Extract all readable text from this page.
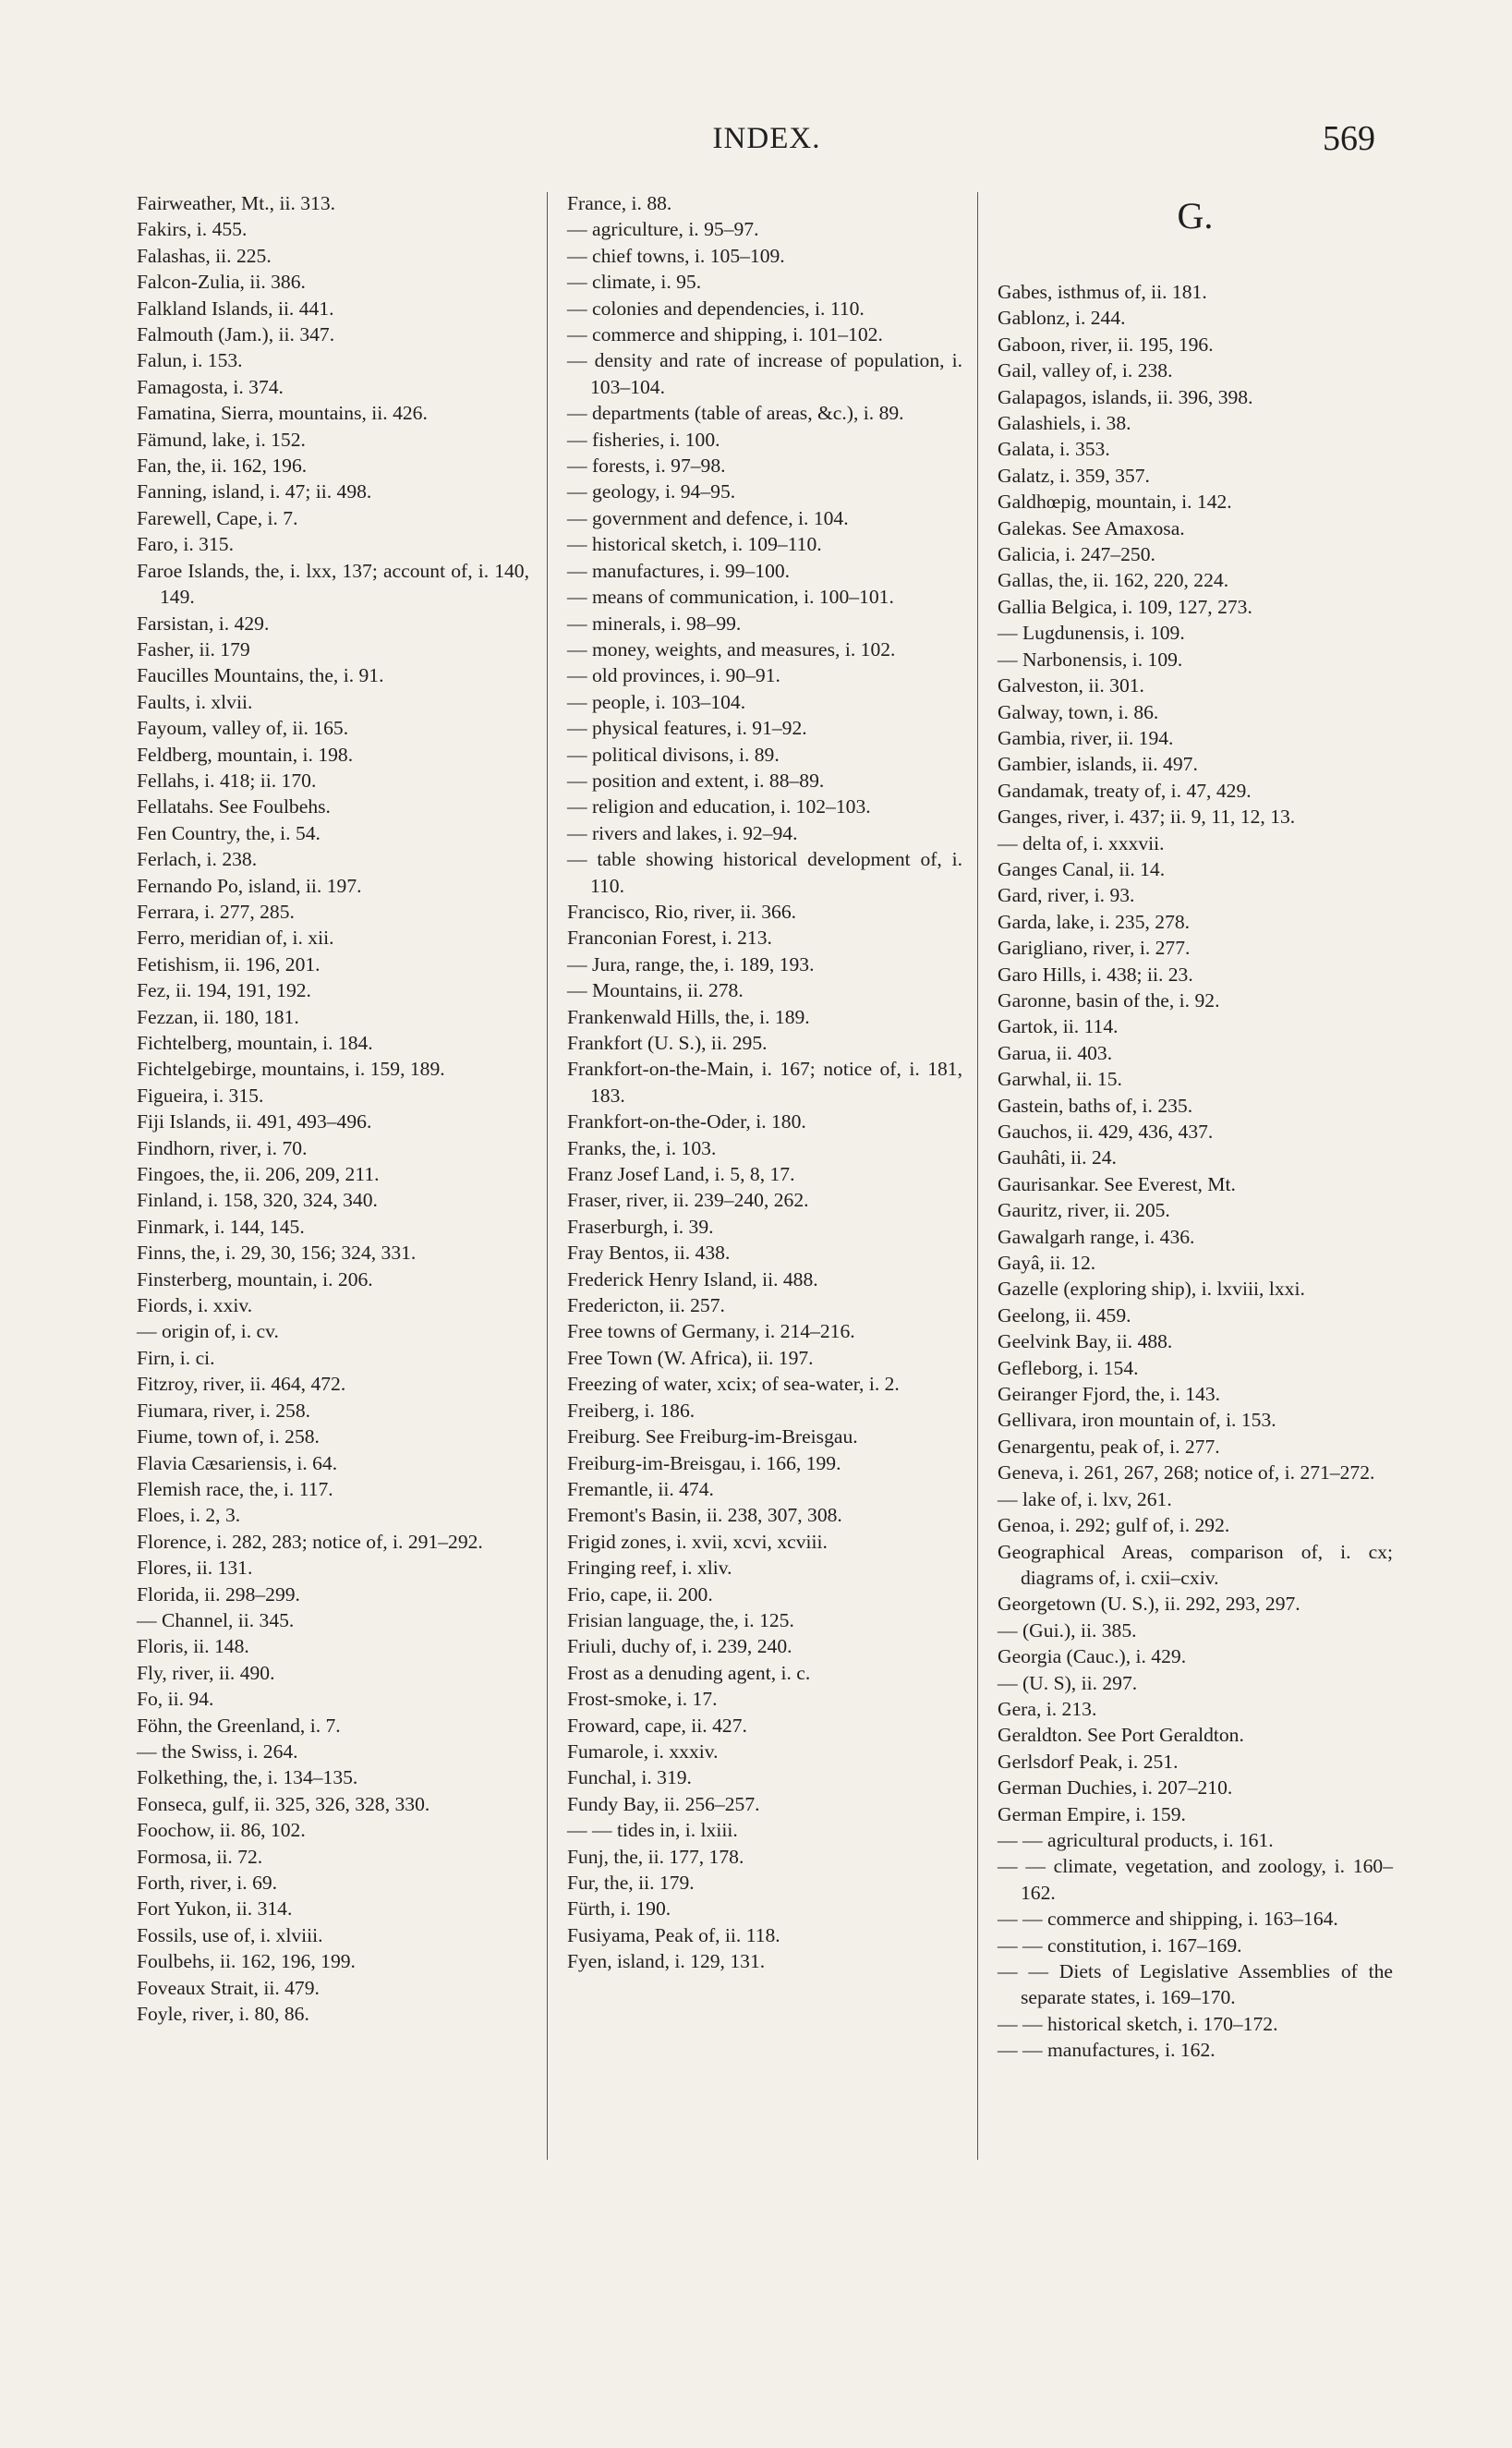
INDEX.	569
Fairweather, Mt., ii. 313.
Fakirs, i. 455.
Falashas, ii. 225.
Falcon-Zulia, ii. 386.
Falkland Islands, ii. 441.
Falmouth (Jam.), ii. 347.
Falun, i. 153.
Famagosta, i. 374.
Famatina, Sierra, mountains, ii. 426.
Fämund, lake, i. 152.
Fan, the, ii. 162, 196.
Fanning, island, i. 47; ii. 498.
Farewell, Cape, i. 7.
Faro, i. 315.
Faroe Islands, the, i. lxx, 137; account of, i. 140, 149.
Farsistan, i. 429.
Fasher, ii. 179
Faucilles Mountains, the, i. 91.
Faults, i. xlvii.
Fayoum, valley of, ii. 165.
Feldberg, mountain, i. 198.
Fellahs, i. 418; ii. 170.
Fellatahs. See Foulbehs.
Fen Country, the, i. 54.
Ferlach, i. 238.
Fernando Po, island, ii. 197.
Ferrara, i. 277, 285.
Ferro, meridian of, i. xii.
Fetishism, ii. 196, 201.
Fez, ii. 194, 191, 192.
Fezzan, ii. 180, 181.
Fichtelberg, mountain, i. 184.
Fichtelgebirge, mountains, i. 159, 189.
Figueira, i. 315.
Fiji Islands, ii. 491, 493–496.
Findhorn, river, i. 70.
Fingoes, the, ii. 206, 209, 211.
Finland, i. 158, 320, 324, 340.
Finmark, i. 144, 145.
Finns, the, i. 29, 30, 156; 324, 331.
Finsterberg, mountain, i. 206.
Fiords, i. xxiv.
— origin of, i. cv.
Firn, i. ci.
Fitzroy, river, ii. 464, 472.
Fiumara, river, i. 258.
Fiume, town of, i. 258.
Flavia Cæsariensis, i. 64.
Flemish race, the, i. 117.
Floes, i. 2, 3.
Florence, i. 282, 283; notice of, i. 291–292.
Flores, ii. 131.
Florida, ii. 298–299.
— Channel, ii. 345.
Floris, ii. 148.
Fly, river, ii. 490.
Fo, ii. 94.
Föhn, the Greenland, i. 7.
— the Swiss, i. 264.
Folkething, the, i. 134–135.
Fonseca, gulf, ii. 325, 326, 328, 330.
Foochow, ii. 86, 102.
Formosa, ii. 72.
Forth, river, i. 69.
Fort Yukon, ii. 314.
Fossils, use of, i. xlviii.
Foulbehs, ii. 162, 196, 199.
Foveaux Strait, ii. 479.
Foyle, river, i. 80, 86.
France, i. 88.
— agriculture, i. 95–97.
— chief towns, i. 105–109.
— climate, i. 95.
— colonies and dependencies, i. 110.
— commerce and shipping, i. 101–102.
— density and rate of increase of population, i. 103–104.
— departments (table of areas, &c.), i. 89.
— fisheries, i. 100.
— forests, i. 97–98.
— geology, i. 94–95.
— government and defence, i. 104.
— historical sketch, i. 109–110.
— manufactures, i. 99–100.
— means of communication, i. 100–101.
— minerals, i. 98–99.
— money, weights, and measures, i. 102.
— old provinces, i. 90–91.
— people, i. 103–104.
— physical features, i. 91–92.
— political divisons, i. 89.
— position and extent, i. 88–89.
— religion and education, i. 102–103.
— rivers and lakes, i. 92–94.
— table showing historical development of, i. 110.
Francisco, Rio, river, ii. 366.
Franconian Forest, i. 213.
— Jura, range, the, i. 189, 193.
— Mountains, ii. 278.
Frankenwald Hills, the, i. 189.
Frankfort (U. S.), ii. 295.
Frankfort-on-the-Main, i. 167; notice of, i. 181, 183.
Frankfort-on-the-Oder, i. 180.
Franks, the, i. 103.
Franz Josef Land, i. 5, 8, 17.
Fraser, river, ii. 239–240, 262.
Fraserburgh, i. 39.
Fray Bentos, ii. 438.
Frederick Henry Island, ii. 488.
Fredericton, ii. 257.
Free towns of Germany, i. 214–216.
Free Town (W. Africa), ii. 197.
Freezing of water, xcix; of sea-water, i. 2.
Freiberg, i. 186.
Freiburg. See Freiburg-im-Breisgau.
Freiburg-im-Breisgau, i. 166, 199.
Fremantle, ii. 474.
Fremont's Basin, ii. 238, 307, 308.
Frigid zones, i. xvii, xcvi, xcviii.
Fringing reef, i. xliv.
Frio, cape, ii. 200.
Frisian language, the, i. 125.
Friuli, duchy of, i. 239, 240.
Frost as a denuding agent, i. c.
Frost-smoke, i. 17.
Froward, cape, ii. 427.
Fumarole, i. xxxiv.
Funchal, i. 319.
Fundy Bay, ii. 256–257.
— — tides in, i. lxiii.
Funj, the, ii. 177, 178.
Fur, the, ii. 179.
Fürth, i. 190.
Fusiyama, Peak of, ii. 118.
Fyen, island, i. 129, 131.
G.
Gabes, isthmus of, ii. 181.
Gablonz, i. 244.
Gaboon, river, ii. 195, 196.
Gail, valley of, i. 238.
Galapagos, islands, ii. 396, 398.
Galashiels, i. 38.
Galata, i. 353.
Galatz, i. 359, 357.
Galdhœpig, mountain, i. 142.
Galekas. See Amaxosa.
Galicia, i. 247–250.
Gallas, the, ii. 162, 220, 224.
Gallia Belgica, i. 109, 127, 273.
— Lugdunensis, i. 109.
— Narbonensis, i. 109.
Galveston, ii. 301.
Galway, town, i. 86.
Gambia, river, ii. 194.
Gambier, islands, ii. 497.
Gandamak, treaty of, i. 47, 429.
Ganges, river, i. 437; ii. 9, 11, 12, 13.
— delta of, i. xxxvii.
Ganges Canal, ii. 14.
Gard, river, i. 93.
Garda, lake, i. 235, 278.
Garigliano, river, i. 277.
Garo Hills, i. 438; ii. 23.
Garonne, basin of the, i. 92.
Gartok, ii. 114.
Garua, ii. 403.
Garwhal, ii. 15.
Gastein, baths of, i. 235.
Gauchos, ii. 429, 436, 437.
Gauhâti, ii. 24.
Gaurisankar. See Everest, Mt.
Gauritz, river, ii. 205.
Gawalgarh range, i. 436.
Gayâ, ii. 12.
Gazelle (exploring ship), i. lxviii, lxxi.
Geelong, ii. 459.
Geelvink Bay, ii. 488.
Gefleborg, i. 154.
Geiranger Fjord, the, i. 143.
Gellivara, iron mountain of, i. 153.
Genargentu, peak of, i. 277.
Geneva, i. 261, 267, 268; notice of, i. 271–272.
— lake of, i. lxv, 261.
Genoa, i. 292; gulf of, i. 292.
Geographical Areas, comparison of, i. cx; diagrams of, i. cxii–cxiv.
Georgetown (U. S.), ii. 292, 293, 297.
— (Gui.), ii. 385.
Georgia (Cauc.), i. 429.
— (U. S), ii. 297.
Gera, i. 213.
Geraldton. See Port Geraldton.
Gerlsdorf Peak, i. 251.
German Duchies, i. 207–210.
German Empire, i. 159.
— — agricultural products, i. 161.
— — climate, vegetation, and zoology, i. 160–162.
— — commerce and shipping, i. 163–164.
— — constitution, i. 167–169.
— — Diets of Legislative Assemblies of the separate states, i. 169–170.
— — historical sketch, i. 170–172.
— — manufactures, i. 162.
